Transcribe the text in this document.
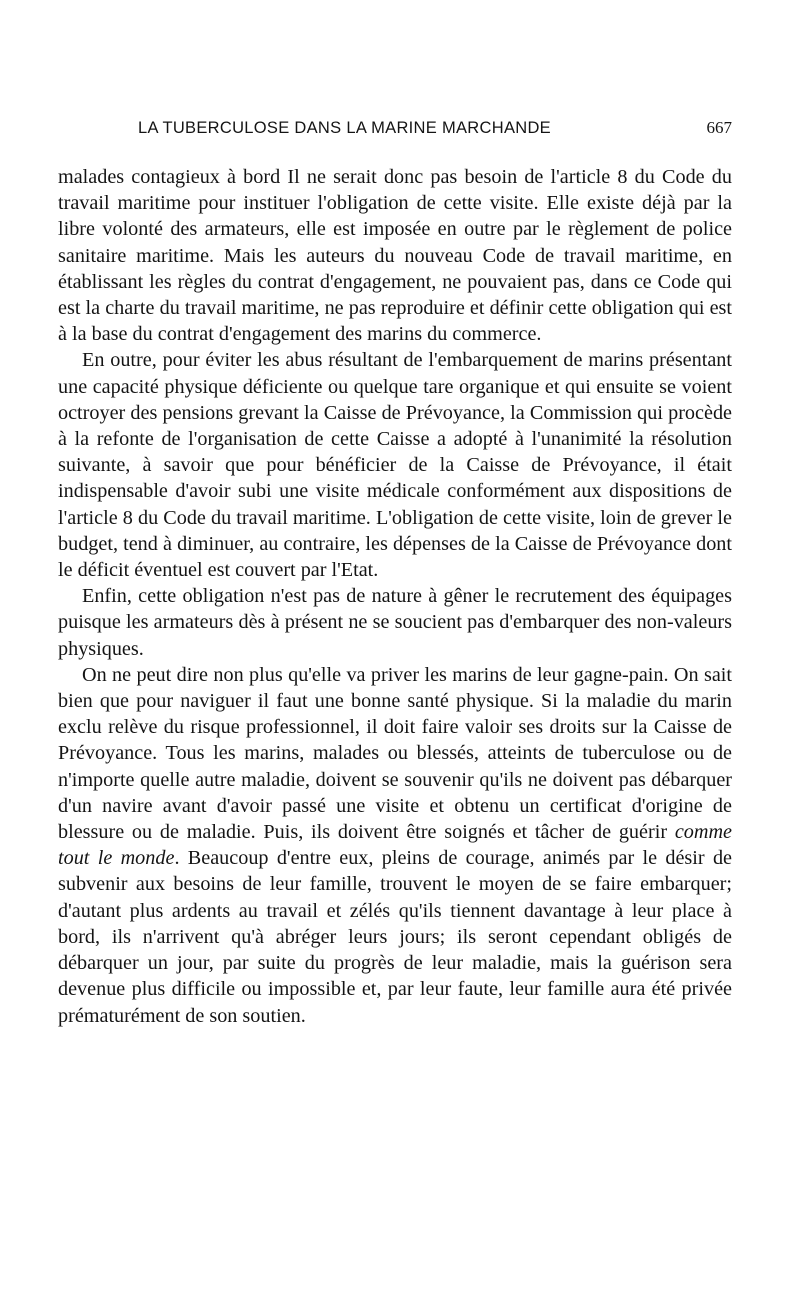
LA TUBERCULOSE DANS LA MARINE MARCHANDE	667

malades contagieux à bord Il ne serait donc pas besoin de l'article 8 du Code du travail maritime pour instituer l'obligation de cette visite. Elle existe déjà par la libre volonté des armateurs, elle est imposée en outre par le règlement de police sanitaire maritime. Mais les auteurs du nouveau Code de travail maritime, en établissant les règles du contrat d'engagement, ne pouvaient pas, dans ce Code qui est la charte du travail maritime, ne pas reproduire et définir cette obligation qui est à la base du contrat d'engagement des marins du commerce.

En outre, pour éviter les abus résultant de l'embarquement de marins présentant une capacité physique déficiente ou quelque tare organique et qui ensuite se voient octroyer des pensions grevant la Caisse de Prévoyance, la Commission qui procède à la refonte de l'organisation de cette Caisse a adopté à l'unanimité la résolution suivante, à savoir que pour bénéficier de la Caisse de Prévoyance, il était indispensable d'avoir subi une visite médicale conformément aux dispositions de l'article 8 du Code du travail maritime. L'obligation de cette visite, loin de grever le budget, tend à diminuer, au contraire, les dépenses de la Caisse de Prévoyance dont le déficit éventuel est couvert par l'Etat.

Enfin, cette obligation n'est pas de nature à gêner le recrutement des équipages puisque les armateurs dès à présent ne se soucient pas d'embarquer des non-valeurs physiques.

On ne peut dire non plus qu'elle va priver les marins de leur gagne-pain. On sait bien que pour naviguer il faut une bonne santé physique. Si la maladie du marin exclu relève du risque professionnel, il doit faire valoir ses droits sur la Caisse de Prévoyance. Tous les marins, malades ou blessés, atteints de tuberculose ou de n'importe quelle autre maladie, doivent se souvenir qu'ils ne doivent pas débarquer d'un navire avant d'avoir passé une visite et obtenu un certificat d'origine de blessure ou de maladie. Puis, ils doivent être soignés et tâcher de guérir comme tout le monde. Beaucoup d'entre eux, pleins de courage, animés par le désir de subvenir aux besoins de leur famille, trouvent le moyen de se faire embarquer; d'autant plus ardents au travail et zélés qu'ils tiennent davantage à leur place à bord, ils n'arrivent qu'à abréger leurs jours; ils seront cependant obligés de débarquer un jour, par suite du progrès de leur maladie, mais la guérison sera devenue plus difficile ou impossible et, par leur faute, leur famille aura été privée prématurément de son soutien.
